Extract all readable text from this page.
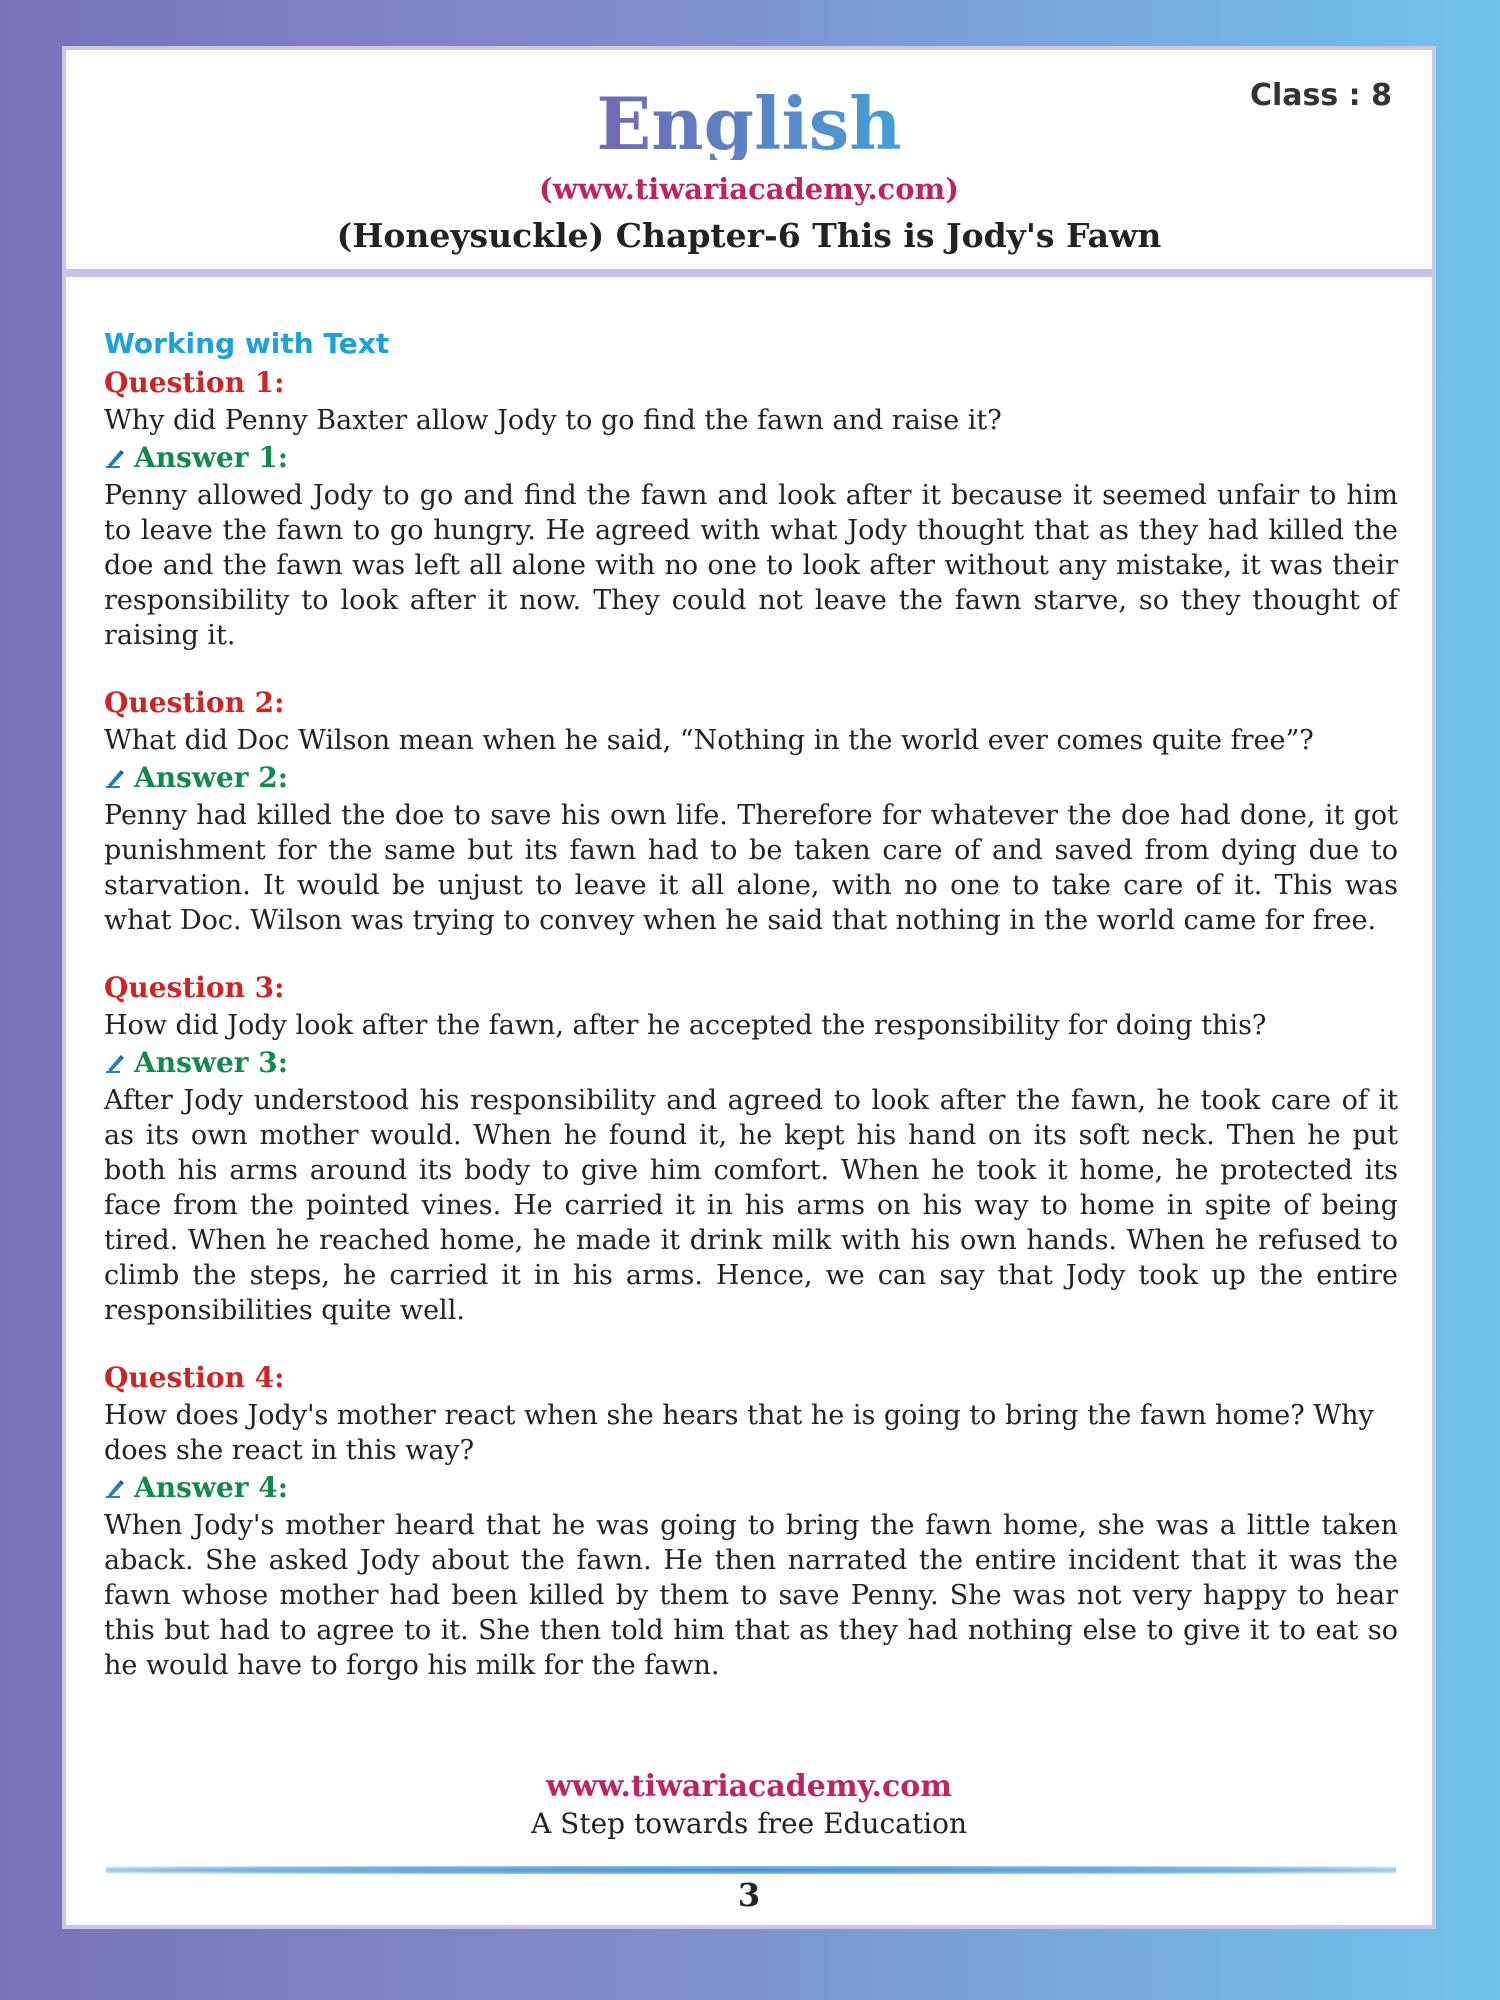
English
(www.tiwariacademy.com)
(Honeysuckle) Chapter-6 This is Jody's Fawn
Working with Text
Question 1:

Why did Penny Baxter allow Jody to go find the fawn and raise it?

Answer 1:

Penny allowed Jody to go and find the fawn and look after it because it seemed unfair to him to leave the fawn to go hungry. He agreed with what Jody thought that as they had killed the doe and the fawn was left all alone with no one to look after without any mistake, it was their responsibility to look after it now. They could not leave the fawn starve, so they thought of raising it.

Question 2:

What did Doc Wilson mean when he said, “Nothing in the world ever comes quite free”?

Answer 2:

Penny had killed the doe to save his own life. Therefore for whatever the doe had done, it got punishment for the same but its fawn had to be taken care of and saved from dying due to starvation. It would be unjust to leave it all alone, with no one to take care of it. This was what Doc. Wilson was trying to convey when he said that nothing in the world came for free.

Question 3:

How did Jody look after the fawn, after he accepted the responsibility for doing this?

Answer 3:

After Jody understood his responsibility and agreed to look after the fawn, he took care of it as its own mother would. When he found it, he kept his hand on its soft neck. Then he put both his arms around its body to give him comfort. When he took it home, he protected its face from the pointed vines. He carried it in his arms on his way to home in spite of being tired. When he reached home, he made it drink milk with his own hands. When he refused to climb the steps, he carried it in his arms. Hence, we can say that Jody took up the entire responsibilities quite well.

Question 4:

How does Jody's mother react when she hears that he is going to bring the fawn home? Why does she react in this way?

Answer 4:

When Jody's mother heard that he was going to bring the fawn home, she was a little taken aback. She asked Jody about the fawn. He then narrated the entire incident that it was the fawn whose mother had been killed by them to save Penny. She was not very happy to hear this but had to agree to it. She then told him that as they had nothing else to give it to eat so he would have to forgo his milk for the fawn.

www.tiwariacademy.com
A Step towards free Education
3
